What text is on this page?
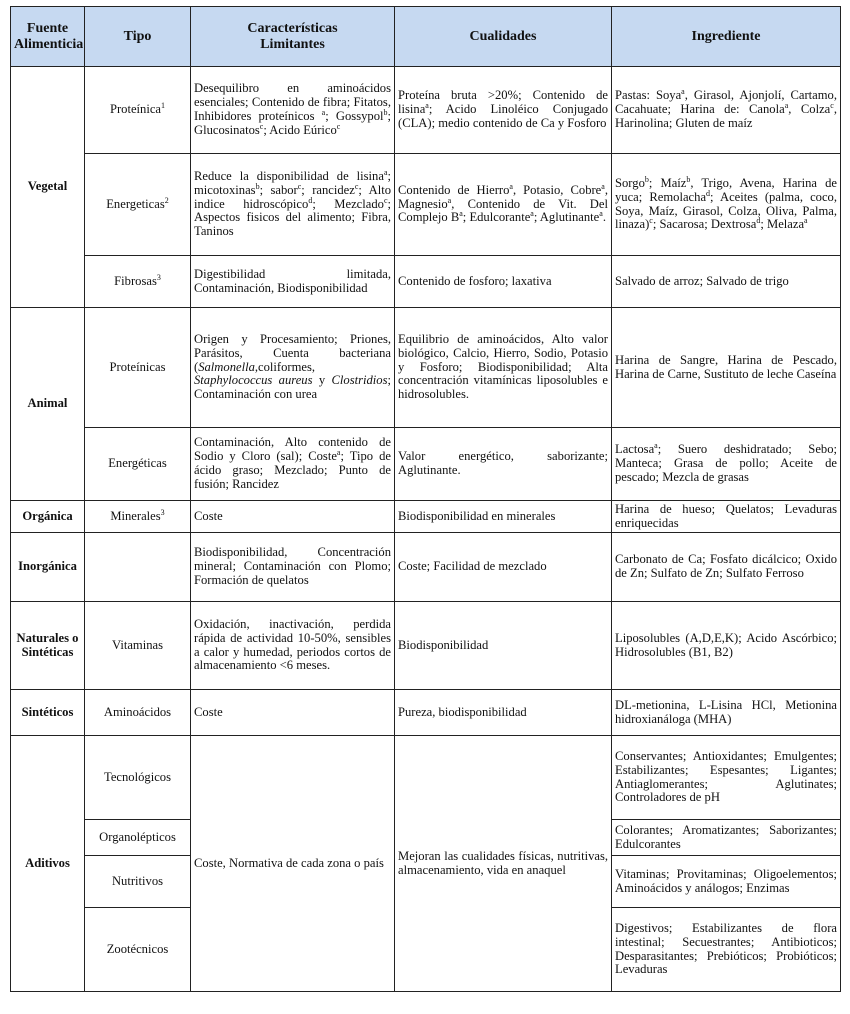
Fuente Alimenticia	Tipo	Características Limitantes	Cualidades	Ingrediente
Vegetal	Proteínica$^1$	Desequilibro en aminoácidos esenciales; Contenido de fibra; Fitatos, Inhibidores proteínicos $^a$; Gossypol$^b$; Glucosinatos$^c$; Acido Eúrico$^c$	Proteína bruta >20%; Contenido de lisina$^a$; Acido Linoléico Conjugado (CLA); medio contenido de Ca y Fosforo	Pastas: Soya$^a$, Girasol, Ajonjolí, Cartamo, Cacahuate; Harina de: Canola$^a$, Colza$^c$, Harinolina; Gluten de maíz
	Energeticas$^2$	Reduce la disponibilidad de lisina$^a$; micotoxinas$^b$; sabor$^c$; rancidez$^c$; Alto indice hidroscópico$^d$; Mezclado$^c$; Aspectos fisicos del alimento; Fibra, Taninos	Contenido de Hierro$^a$, Potasio, Cobre$^a$, Magnesio$^a$, Contenido de Vit. Del Complejo $B^a$; Edulcorante$^a$; Aglutinante$^a$.	Sorgo$^b$; Maíz$^b$, Trigo, Avena, Harina de yuca; Remolacha$^d$; Aceites (palma, coco, Soya, Maíz, Girasol, Colza, Oliva, Palma, linaza)$^c$; Sacarosa; Dextrosa$^d$; Melaza$^a$
	Fibrosas$^3$	Digestibilidad limitada, Contaminación, Biodisponibilidad	Contenido de fosforo; laxativa	Salvado de arroz; Salvado de trigo
Animal	Proteínicas	Origen y Procesamiento; Priones, Parásitos, Cuenta bacteriana (Salmonella,coliformes, Staphylococcus aureus y Clostridios; Contaminación con urea	Equilibrio de aminoácidos, Alto valor biológico, Calcio, Hierro, Sodio, Potasio y Fosforo; Biodisponibilidad; Alta concentración vitamínicas liposolubles e hidrosolubles.	Harina de Sangre, Harina de Pescado, Harina de Carne, Sustituto de leche Caseína
	Energéticas	Contaminación, Alto contenido de Sodio y Cloro (sal); Coste$^a$; Tipo de ácido graso; Mezclado; Punto de fusión; Rancidez	Valor energético, saborizante; Aglutinante.	Lactosa$^a$; Suero deshidratado; Sebo; Manteca; Grasa de pollo; Aceite de pescado; Mezcla de grasas
Orgánica	Minerales$^3$	Coste	Biodisponibilidad en minerales	Harina de hueso; Quelatos; Levaduras enriquecidas
Inorgánica		Biodisponibilidad, Concentración mineral; Contaminación con Plomo; Formación de quelatos	Coste; Facilidad de mezclado	Carbonato de Ca; Fosfato dicálcico; Oxido de Zn; Sulfato de Zn; Sulfato Ferroso
Naturales o Sintéticas	Vitaminas	Oxidación, inactivación, perdida rápida de actividad 10-50%, sensibles a calor y humedad, periodos cortos de almacenamiento <6 meses.	Biodisponibilidad	Liposolubles (A,D,E,K); Acido Ascórbico; Hidrosolubles (B1, B2)
Sintéticos	Aminoácidos	Coste	Pureza, biodisponibilidad	DL-metionina, L-Lisina HCl, Metionina hidroxianáloga (MHA)
Aditivos	Tecnológicos	Coste, Normativa de cada zona o país	Mejoran las cualidades físicas, nutritivas, almacenamiento, vida en anaquel	Conservantes; Antioxidantes; Emulgentes; Estabilizantes; Espesantes; Ligantes; Antiaglomerantes; Aglutinates; Controladores de pH
	Organolépticos			Colorantes; Aromatizantes; Saborizantes; Edulcorantes
	Nutritivos			Vitaminas; Provitaminas; Oligoelementos; Aminoácidos y análogos; Enzimas
	Zootécnicos			Digestivos; Estabilizantes de flora intestinal; Secuestrantes; Antibioticos; Desparasitantes; Prebióticos; Probióticos; Levaduras
